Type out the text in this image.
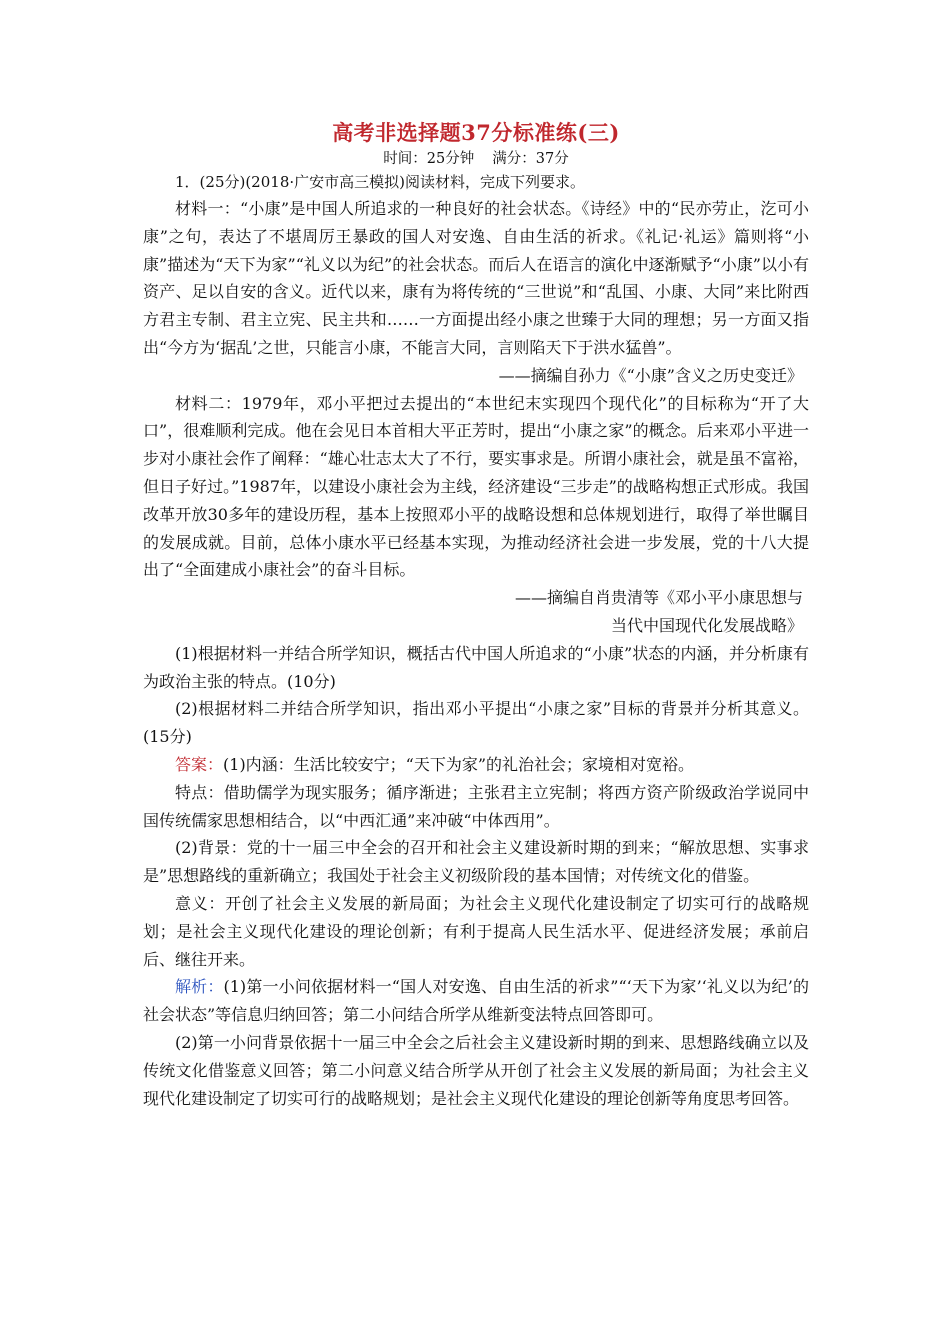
高考非选择题37分标准练(三)
时间：25分钟 满分：37分

1．(25分)(2018·广安市高三模拟)阅读材料，完成下列要求。

材料一：“小康”是中国人所追求的一种良好的社会状态。《诗经》中的“民亦劳止，汔可小康”之句，表达了不堪周厉王暴政的国人对安逸、自由生活的祈求。《礼记·礼运》篇则将“小康”描述为“天下为家”“礼义以为纪”的社会状态。而后人在语言的演化中逐渐赋予“小康”以小有资产、足以自安的含义。近代以来，康有为将传统的“三世说”和“乱国、小康、大同”来比附西方君主专制、君主立宪、民主共和……一方面提出经小康之世臻于大同的理想；另一方面又指出“今方为‘据乱’之世，只能言小康，不能言大同，言则陷天下于洪水猛兽”。

——摘编自孙力《“小康”含义之历史变迁》

材料二：1979年，邓小平把过去提出的“本世纪末实现四个现代化”的目标称为“开了大口”，很难顺利完成。他在会见日本首相大平正芳时，提出“小康之家”的概念。后来邓小平进一步对小康社会作了阐释：“雄心壮志太大了不行，要实事求是。所谓小康社会，就是虽不富裕，但日子好过。”1987年，以建设小康社会为主线，经济建设“三步走”的战略构想正式形成。我国改革开放30多年的建设历程，基本上按照邓小平的战略设想和总体规划进行，取得了举世瞩目的发展成就。目前，总体小康水平已经基本实现，为推动经济社会进一步发展，党的十八大提出了“全面建成小康社会”的奋斗目标。

——摘编自肖贵清等《邓小平小康思想与

当代中国现代化发展战略》

(1)根据材料一并结合所学知识，概括古代中国人所追求的“小康”状态的内涵，并分析康有为政治主张的特点。(10分)

(2)根据材料二并结合所学知识，指出邓小平提出“小康之家”目标的背景并分析其意义。(15分)

答案：(1)内涵：生活比较安宁；“天下为家”的礼治社会；家境相对宽裕。

特点：借助儒学为现实服务；循序渐进；主张君主立宪制；将西方资产阶级政治学说同中国传统儒家思想相结合，以“中西汇通”来冲破“中体西用”。

(2)背景：党的十一届三中全会的召开和社会主义建设新时期的到来；“解放思想、实事求是”思想路线的重新确立；我国处于社会主义初级阶段的基本国情；对传统文化的借鉴。

意义：开创了社会主义发展的新局面；为社会主义现代化建设制定了切实可行的战略规划；是社会主义现代化建设的理论创新；有利于提高人民生活水平、促进经济发展；承前启后、继往开来。

解析：(1)第一小问依据材料一“国人对安逸、自由生活的祈求”“‘天下为家’‘礼义以为纪’的社会状态”等信息归纳回答；第二小问结合所学从维新变法特点回答即可。

(2)第一小问背景依据十一届三中全会之后社会主义建设新时期的到来、思想路线确立以及传统文化借鉴意义回答；第二小问意义结合所学从开创了社会主义发展的新局面；为社会主义现代化建设制定了切实可行的战略规划；是社会主义现代化建设的理论创新等角度思考回答。
